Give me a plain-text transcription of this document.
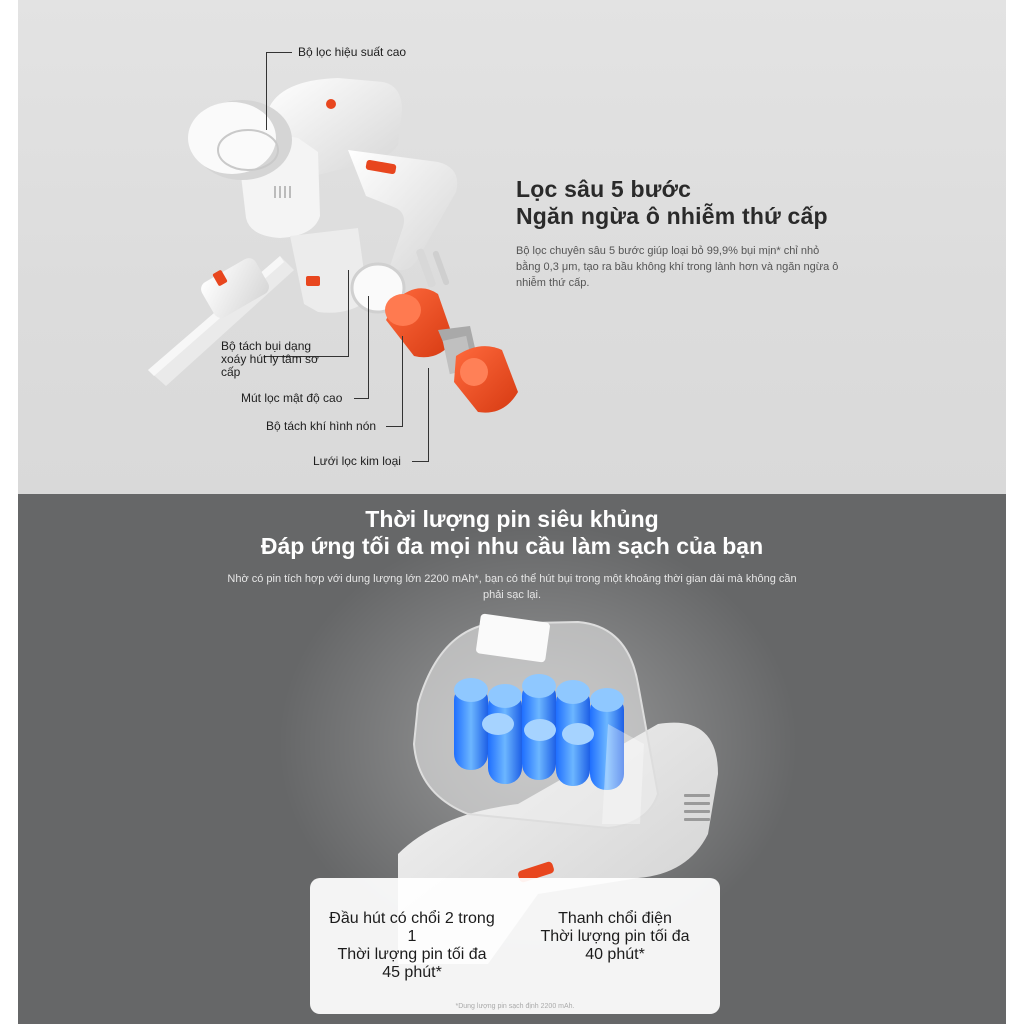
Bộ lọc hiệu suất cao
Bộ tách bụi dạng xoáy hút ly tâm sơ cấp
Mút lọc mật độ cao
Bộ tách khí hình nón
Lưới lọc kim loại
Lọc sâu 5 bước
Ngăn ngừa ô nhiễm thứ cấp

Bộ lọc chuyên sâu 5 bước giúp loại bỏ 99,9% bụi mịn* chỉ nhỏ bằng 0,3 μm, tạo ra bầu không khí trong lành hơn và ngăn ngừa ô nhiễm thứ cấp.

Thời lượng pin siêu khủng
Đáp ứng tối đa mọi nhu cầu làm sạch của bạn

Nhờ có pin tích hợp với dung lượng lớn 2200 mAh*, bạn có thể hút bụi trong một khoảng thời gian dài mà không cần phải sạc lại.

Đầu hút có chổi 2 trong 1
Thời lượng pin tối đa
45 phút*
Thanh chổi điện
Thời lượng pin tối đa
40 phút*
*Dung lượng pin sạch định 2200 mAh.
